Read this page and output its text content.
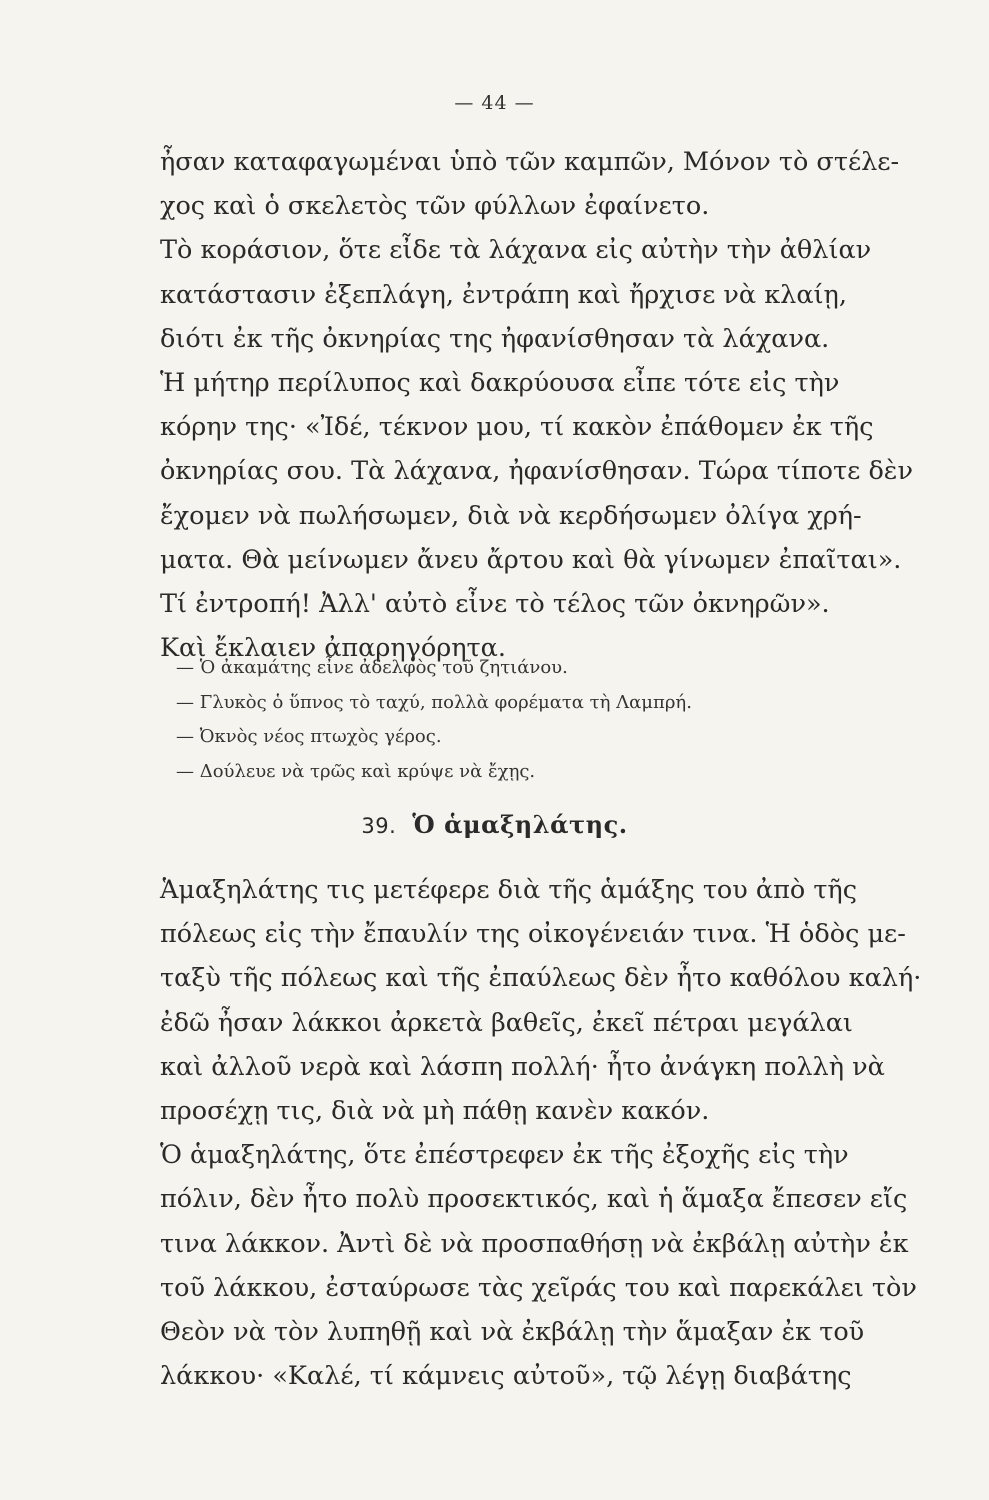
— 44 —
ἦσαν καταφαγωμέναι ὑπὸ τῶν καμπῶν, Μόνον τὸ στέλε-
χος καὶ ὁ σκελετὸς τῶν φύλλων ἐφαίνετο.
Τὸ κοράσιον, ὅτε εἶδε τὰ λάχανα εἰς αὐτὴν τὴν ἀθλίαν
κατάστασιν ἐξεπλάγη, ἐντράπη καὶ ἤρχισε νὰ κλαίῃ,
διότι ἐκ τῆς ὀκνηρίας της ἠφανίσθησαν τὰ λάχανα.
Ἡ μήτηρ περίλυπος καὶ δακρύουσα εἶπε τότε εἰς τὴν
κόρην της· «Ἰδέ, τέκνον μου, τί κακὸν ἐπάθομεν ἐκ τῆς
ὀκνηρίας σου. Τὰ λάχανα, ἠφανίσθησαν. Τώρα τίποτε δὲν
ἔχομεν νὰ πωλήσωμεν, διὰ νὰ κερδήσωμεν ὀλίγα χρή-
ματα. Θὰ μείνωμεν ἄνευ ἄρτου καὶ θὰ γίνωμεν ἐπαῖται».
Τί ἐντροπή! Ἀλλ' αὐτὸ εἶνε τὸ τέλος τῶν ὀκνηρῶν».
Καὶ ἔκλαιεν ἀπαρηγόρητα.
— Ὁ ἀκαμάτης εἶνε ἀδελφὸς τοῦ ζητιάνου.
— Γλυκὸς ὁ ὕπνος τὸ ταχύ, πολλὰ φορέματα τὴ Λαμπρή.
— Ὀκνὸς νέος πτωχὸς γέρος.
— Δούλευε νὰ τρῶς καὶ κρύψε νὰ ἔχῃς.
39. Ὁ ἁμαξηλάτης.
Ἁμαξηλάτης τις μετέφερε διὰ τῆς ἁμάξης του ἀπὸ τῆς
πόλεως εἰς τὴν ἔπαυλίν της οἰκογένειάν τινα. Ἡ ὁδὸς με-
ταξὺ τῆς πόλεως καὶ τῆς ἐπαύλεως δὲν ἦτο καθόλου καλή·
ἐδῶ ἦσαν λάκκοι ἀρκετὰ βαθεῖς, ἐκεῖ πέτραι μεγάλαι
καὶ ἀλλοῦ νερὰ καὶ λάσπη πολλή· ἦτο ἀνάγκη πολλὴ νὰ
προσέχῃ τις, διὰ νὰ μὴ πάθῃ κανὲν κακόν.
Ὁ ἁμαξηλάτης, ὅτε ἐπέστρεφεν ἐκ τῆς ἐξοχῆς εἰς τὴν
πόλιν, δὲν ἦτο πολὺ προσεκτικός, καὶ ἡ ἅμαξα ἔπεσεν εἴς
τινα λάκκον. Ἀντὶ δὲ νὰ προσπαθήσῃ νὰ ἐκβάλῃ αὐτὴν ἐκ
τοῦ λάκκου, ἐσταύρωσε τὰς χεῖράς του καὶ παρεκάλει τὸν
Θεὸν νὰ τὸν λυπηθῇ καὶ νὰ ἐκβάλῃ τὴν ἅμαξαν ἐκ τοῦ
λάκκου· «Καλέ, τί κάμνεις αὐτοῦ», τῷ λέγῃ διαβάτης
